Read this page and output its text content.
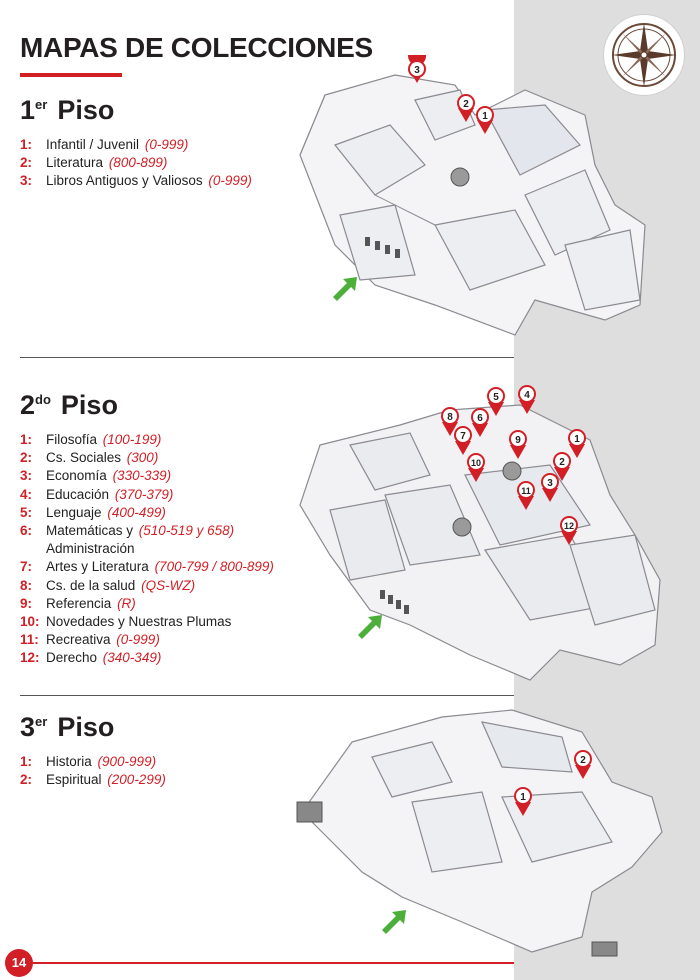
MAPAS DE COLECCIONES
1er Piso
1: Infantil / Juvenil (0-999)
2: Literatura (800-899)
3: Libros Antiguos y Valiosos (0-999)
3
2
1
$2^{do}$ Piso
1: Filosofía (100-199)
2: Cs. Sociales (300)
3: Economía (330-339)
4: Educación (370-379)
5: Lenguaje (400-499)
6: Matemáticas y (510-519 y 658)
Administración
7: Artes y Literatura (700-799 / 800-899)
8: Cs. de la salud (QS-WZ)
9: Referencia (R)
10: Novedades y Nuestras Plumas
11: Recreativa (0-999)
12: Derecho (340-349)
8 6
5	4
7	9	1
10	2
3
11
12
3er Piso
1: Historia (900-999)
2: Espiritual (200-299)
2
1
14
